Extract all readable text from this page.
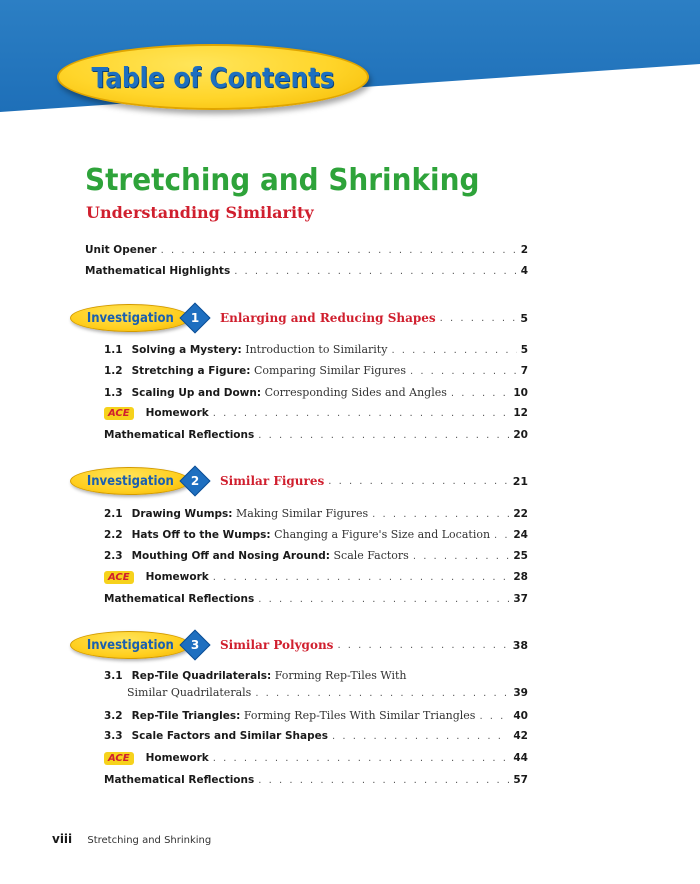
Table of Contents
Stretching and Shrinking
Understanding Similarity
Unit Opener . . .	2
Mathematical Highlights . . .	4
Investigation	1	Enlarging and Reducing Shapes . . .	5
1.1 Solving a Mystery:
Introduction to Similarity . . .	5
1.2 Stretching a Figure:
Comparing Similar Figures . . .	7
1.3 Scaling Up and Down:
Corresponding Sides and Angles . . .	10
ACE	Homework . . .	12
Mathematical Reflections . . .	20
Investigation	2	Similar Figures . . .	21
2.1 Drawing Wumps:
Making Similar Figures . . .	22
2.2 Hats Off to the Wumps:
Changing a Figure's Size and Location . . . 24
2.3 Mouthing Off and Nosing Around:
Scale Factors . . .	25
ACE	Homework . . .	28
Mathematical Reflections . . .	37
Investigation	3	Similar Polygons . . .	38
3.1 Rep-Tile Quadrilaterals:
Forming Rep-Tiles With
Similar Quadrilaterals . . .	39
3.2 Rep-Tile Triangles:
Forming Rep-Tiles With Similar Triangles . . .	40
3.3 Scale Factors and Similar Shapes . . .	42
ACE	Homework . . .	44
Mathematical Reflections . . .	57
viii Stretching and Shrinking
